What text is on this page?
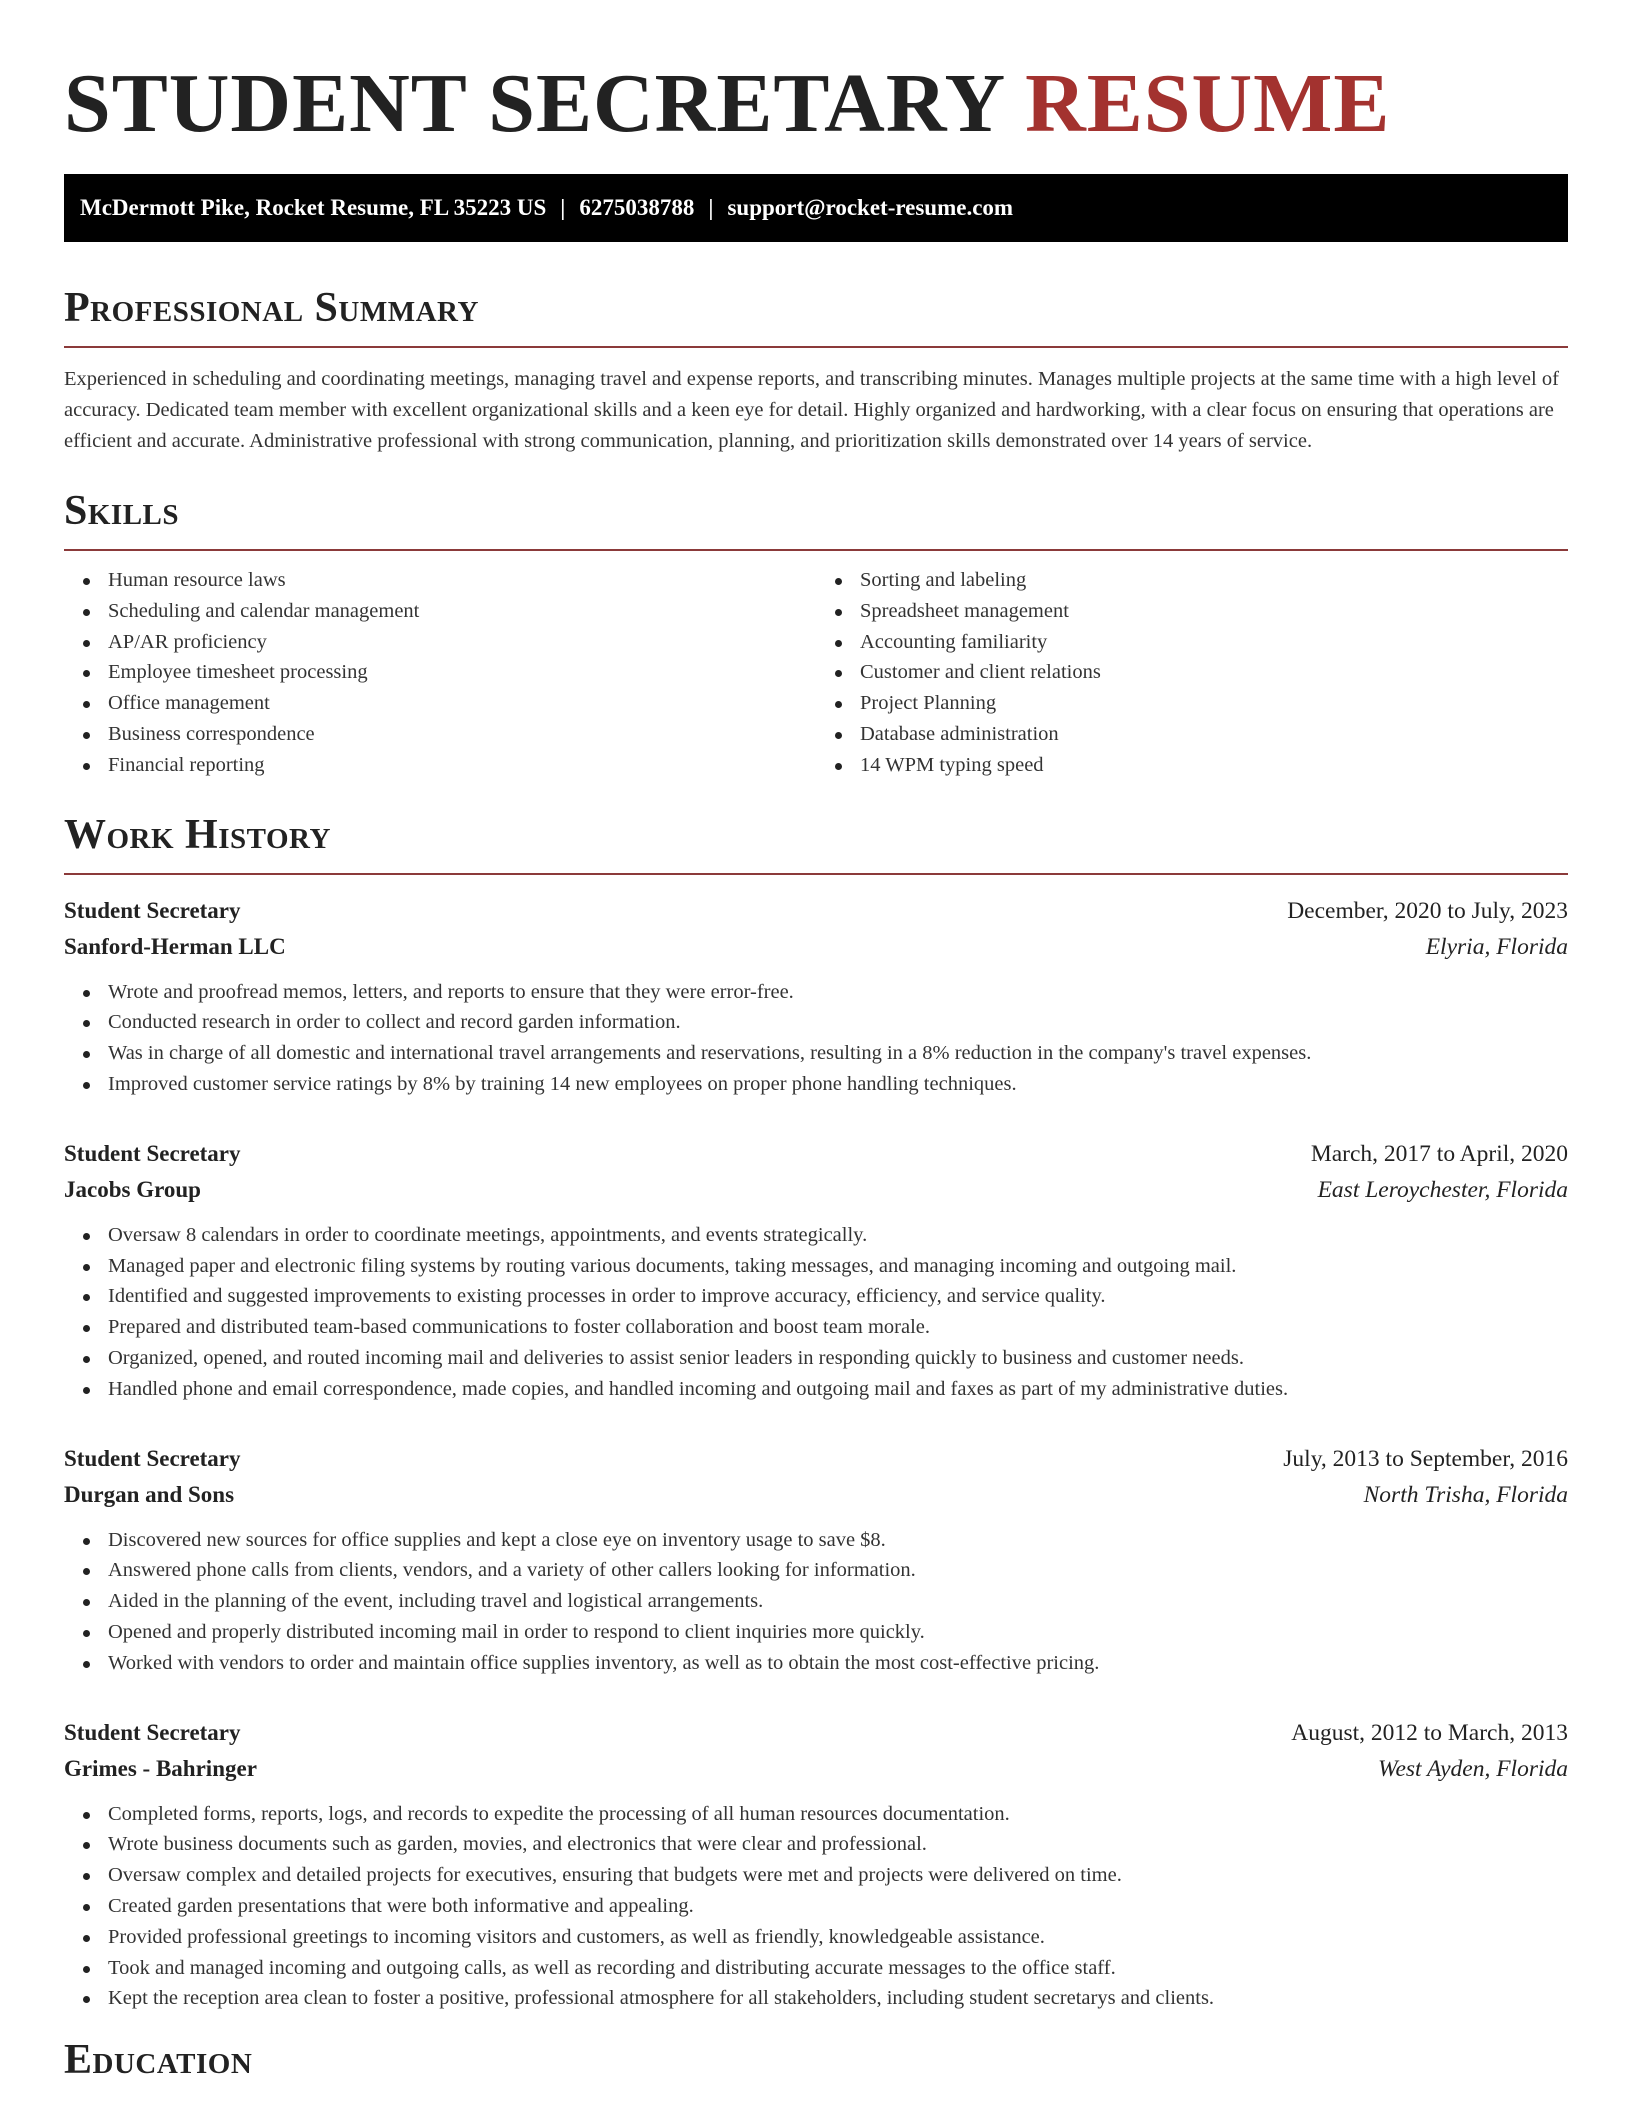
STUDENT SECRETARY RESUME
McDermott Pike, Rocket Resume, FL 35223 US | 6275038788 | support@rocket-resume.com
Professional Summary

Experienced in scheduling and coordinating meetings, managing travel and expense reports, and transcribing minutes. Manages multiple projects at the same time with a high level of accuracy. Dedicated team member with excellent organizational skills and a keen eye for detail. Highly organized and hardworking, with a clear focus on ensuring that operations are efficient and accurate. Administrative professional with strong communication, planning, and prioritization skills demonstrated over 14 years of service.

Skills
Human resource laws
Scheduling and calendar management
AP/AR proficiency
Employee timesheet processing
Office management
Business correspondence
Financial reporting
Sorting and labeling
Spreadsheet management
Accounting familiarity
Customer and client relations
Project Planning
Database administration
14 WPM typing speed
Work History
Student Secretary	December, 2020 to July, 2023
Sanford-Herman LLC	Elyria, Florida
Wrote and proofread memos, letters, and reports to ensure that they were error-free.
Conducted research in order to collect and record garden information.
Was in charge of all domestic and international travel arrangements and reservations, resulting in a 8% reduction in the company's travel expenses.
Improved customer service ratings by 8% by training 14 new employees on proper phone handling techniques.
Student Secretary	March, 2017 to April, 2020
Jacobs Group	East Leroychester, Florida
Oversaw 8 calendars in order to coordinate meetings, appointments, and events strategically.
Managed paper and electronic filing systems by routing various documents, taking messages, and managing incoming and outgoing mail.
Identified and suggested improvements to existing processes in order to improve accuracy, efficiency, and service quality.
Prepared and distributed team-based communications to foster collaboration and boost team morale.
Organized, opened, and routed incoming mail and deliveries to assist senior leaders in responding quickly to business and customer needs.
Handled phone and email correspondence, made copies, and handled incoming and outgoing mail and faxes as part of my administrative duties.
Student Secretary	July, 2013 to September, 2016
Durgan and Sons	North Trisha, Florida
Discovered new sources for office supplies and kept a close eye on inventory usage to save $8.
Answered phone calls from clients, vendors, and a variety of other callers looking for information.
Aided in the planning of the event, including travel and logistical arrangements.
Opened and properly distributed incoming mail in order to respond to client inquiries more quickly.
Worked with vendors to order and maintain office supplies inventory, as well as to obtain the most cost-effective pricing.
Student Secretary	August, 2012 to March, 2013
Grimes - Bahringer	West Ayden, Florida
Completed forms, reports, logs, and records to expedite the processing of all human resources documentation.
Wrote business documents such as garden, movies, and electronics that were clear and professional.
Oversaw complex and detailed projects for executives, ensuring that budgets were met and projects were delivered on time.
Created garden presentations that were both informative and appealing.
Provided professional greetings to incoming visitors and customers, as well as friendly, knowledgeable assistance.
Took and managed incoming and outgoing calls, as well as recording and distributing accurate messages to the office staff.
Kept the reception area clean to foster a positive, professional atmosphere for all stakeholders, including student secretarys and clients.
Education
